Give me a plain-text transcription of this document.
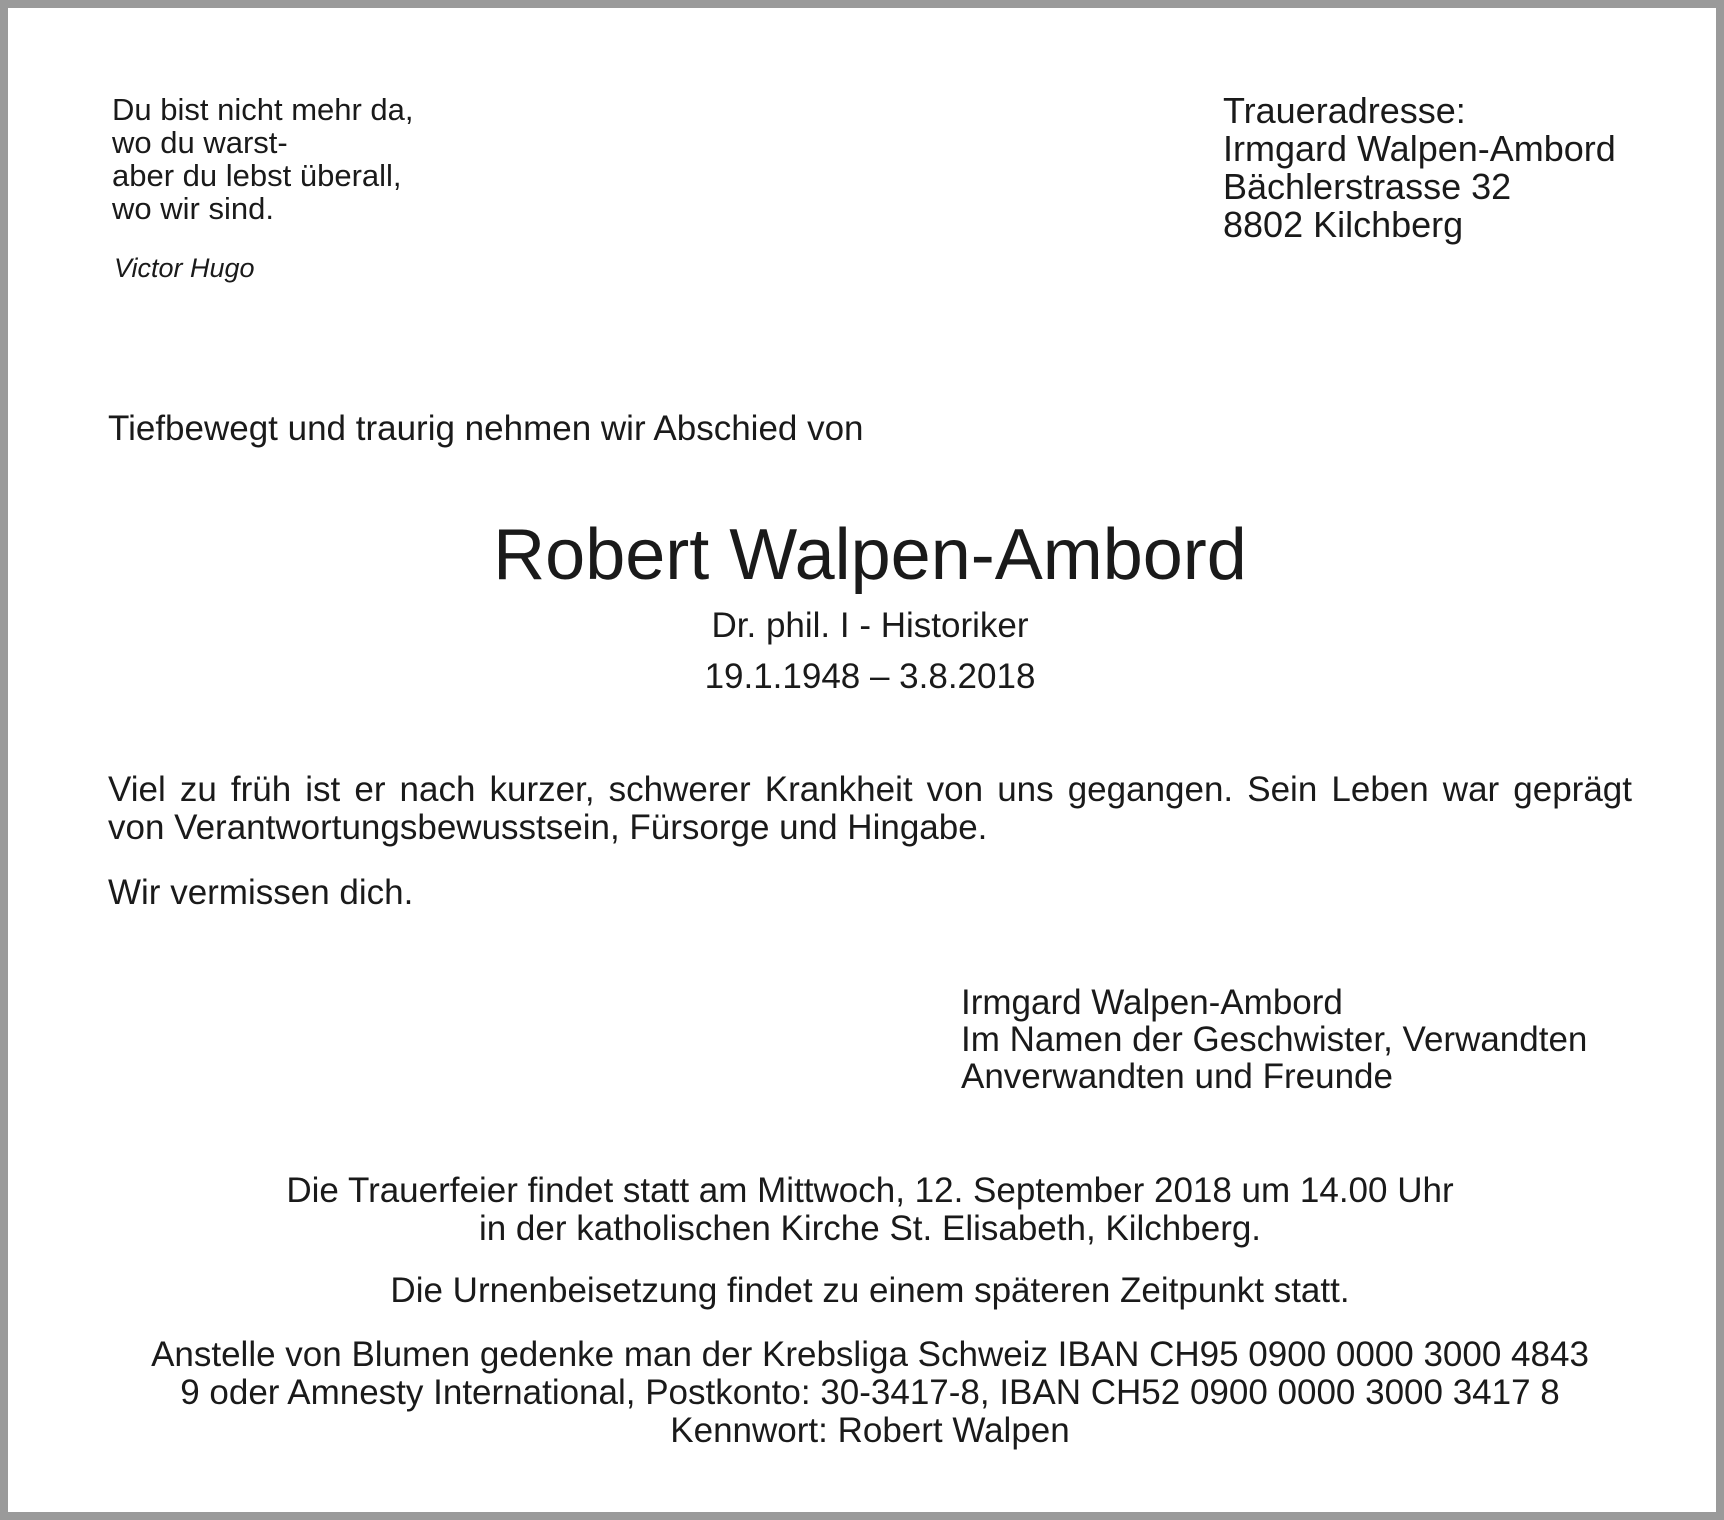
Du bist nicht mehr da,
wo du warst-
aber du lebst überall,
wo wir sind.
Victor Hugo
Traueradresse:
Irmgard Walpen-Ambord
Bächlerstrasse 32
8802 Kilchberg
Tiefbewegt und traurig nehmen wir Abschied von
Robert Walpen-Ambord
Dr. phil. I - Historiker
19.1.1948 – 3.8.2018
Viel zu früh ist er nach kurzer, schwerer Krankheit von uns gegangen. Sein Leben war geprägt von Verantwortungsbewusstsein, Fürsorge und Hingabe.
Wir vermissen dich.
Irmgard Walpen-Ambord
Im Namen der Geschwister, Verwandten
Anverwandten und Freunde
Die Trauerfeier findet statt am Mittwoch, 12. September 2018 um 14.00 Uhr
in der katholischen Kirche St. Elisabeth, Kilchberg.
Die Urnenbeisetzung findet zu einem späteren Zeitpunkt statt.
Anstelle von Blumen gedenke man der Krebsliga Schweiz IBAN CH95 0900 0000 3000 4843
9 oder Amnesty International, Postkonto: 30-3417-8, IBAN CH52 0900 0000 3000 3417 8
Kennwort: Robert Walpen
